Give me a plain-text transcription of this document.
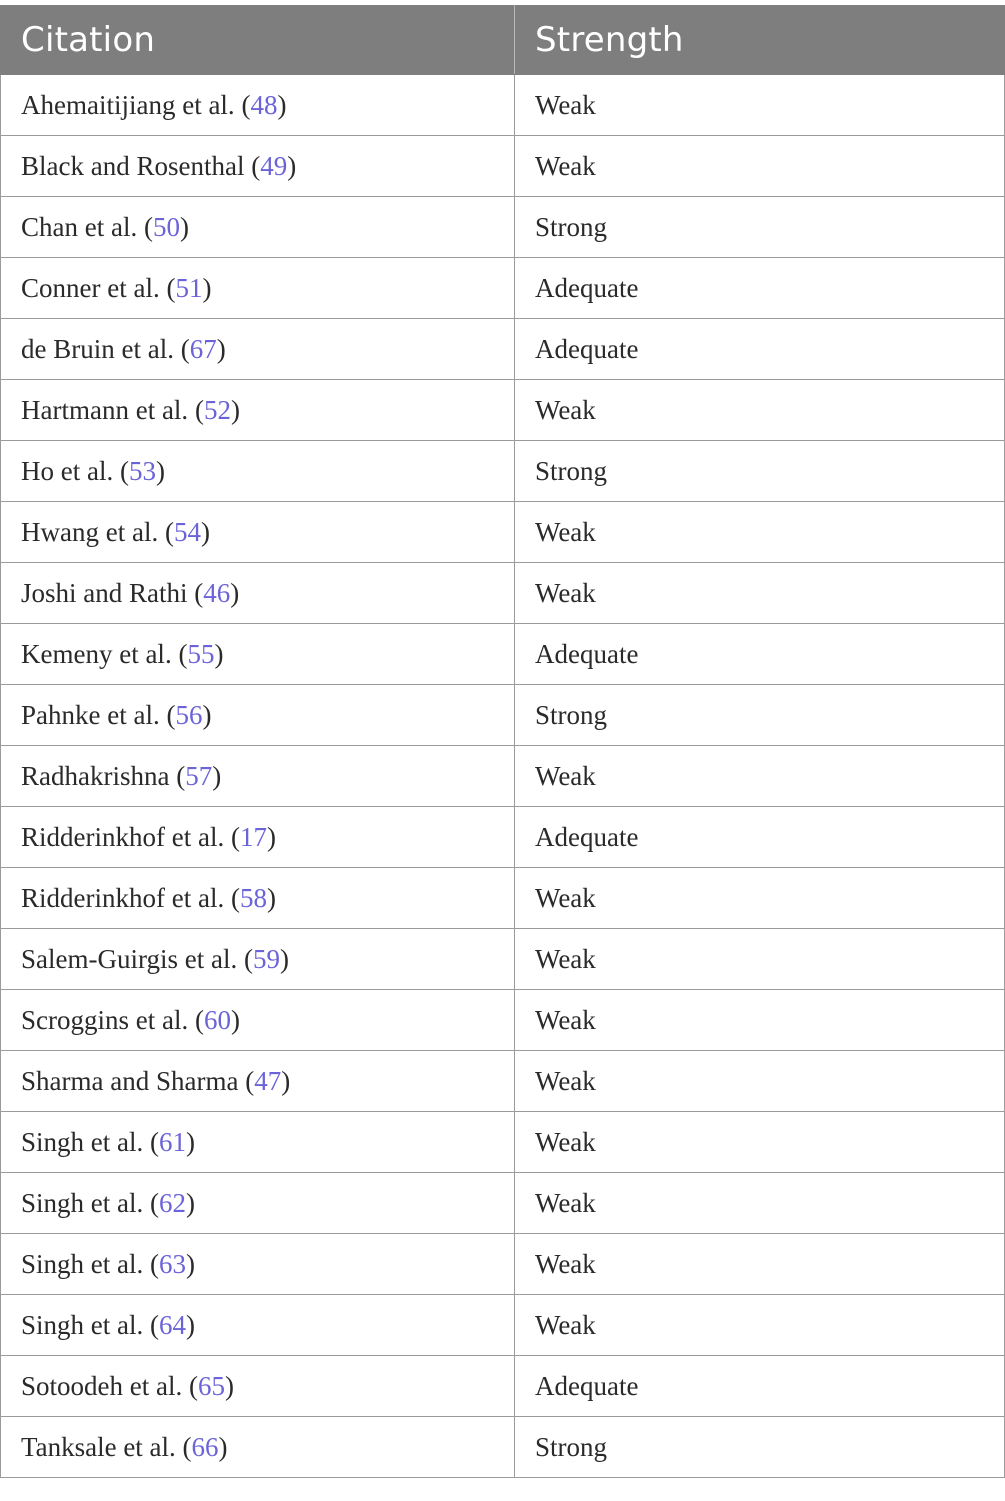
Citation	Strength
Ahemaitijiang et al. (48)	Weak
Black and Rosenthal (49)	Weak
Chan et al. (50)	Strong
Conner et al. (51)	Adequate
de Bruin et al. (67)	Adequate
Hartmann et al. (52)	Weak
Ho et al. (53)	Strong
Hwang et al. (54)	Weak
Joshi and Rathi (46)	Weak
Kemeny et al. (55)	Adequate
Pahnke et al. (56)	Strong
Radhakrishna (57)	Weak
Ridderinkhof et al. (17)	Adequate
Ridderinkhof et al. (58)	Weak
Salem-Guirgis et al. (59)	Weak
Scroggins et al. (60)	Weak
Sharma and Sharma (47)	Weak
Singh et al. (61)	Weak
Singh et al. (62)	Weak
Singh et al. (63)	Weak
Singh et al. (64)	Weak
Sotoodeh et al. (65)	Adequate
Tanksale et al. (66)	Strong
